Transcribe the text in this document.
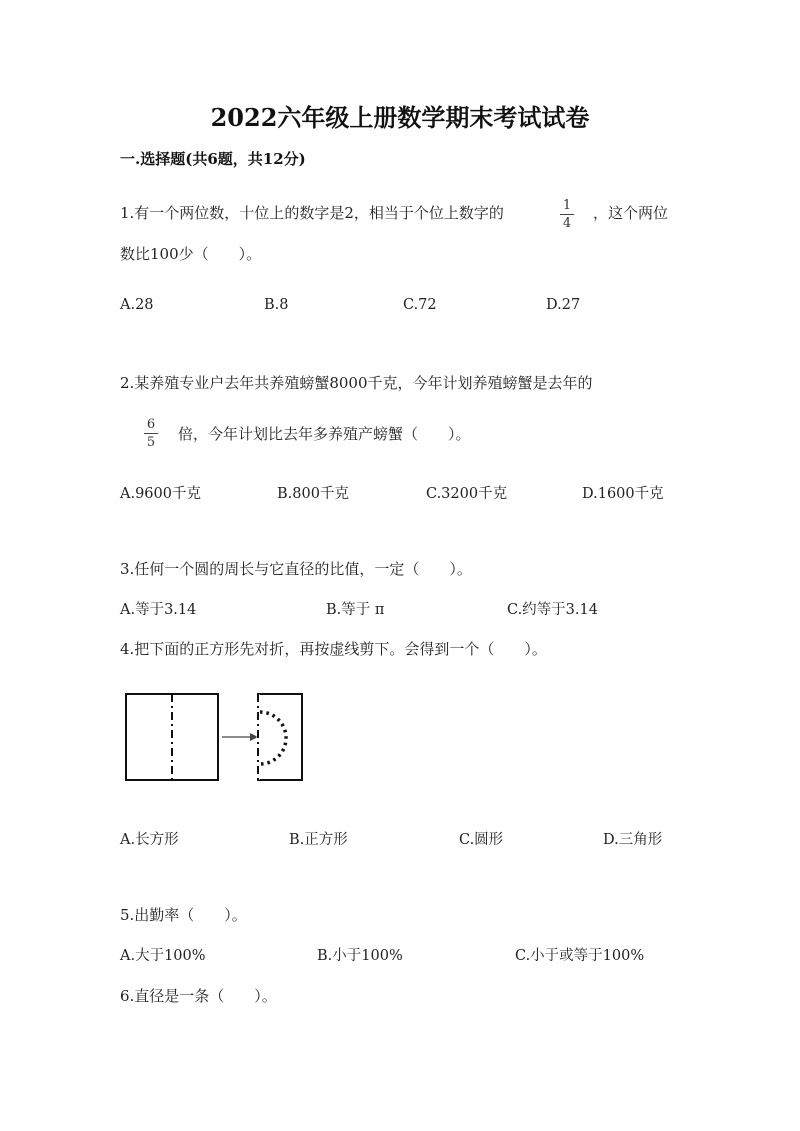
2022六年级上册数学期末考试试卷
一.选择题(共6题，共12分)
1.有一个两位数，十位上的数字是2，相当于个位上数字的	1
4
，这个两位
数比100少（　　）。
A.28	B.8	C.72	D.27
2.某养殖专业户去年共养殖螃蟹8000千克，今年计划养殖螃蟹是去年的
6
5	倍，今年计划比去年多养殖产螃蟹（　　）。
A.9600千克	B.800千克	C.3200千克	D.1600千克
3.任何一个圆的周长与它直径的比值，一定（　　）。
A.等于3.14	B.等于 π	C.约等于3.14
4.把下面的正方形先对折，再按虚线剪下。会得到一个（　　）。
A.长方形	B.正方形	C.圆形	D.三角形
5.出勤率（　　）。
A.大于100%	B.小于100%	C.小于或等于100%
6.直径是一条（　　）。
